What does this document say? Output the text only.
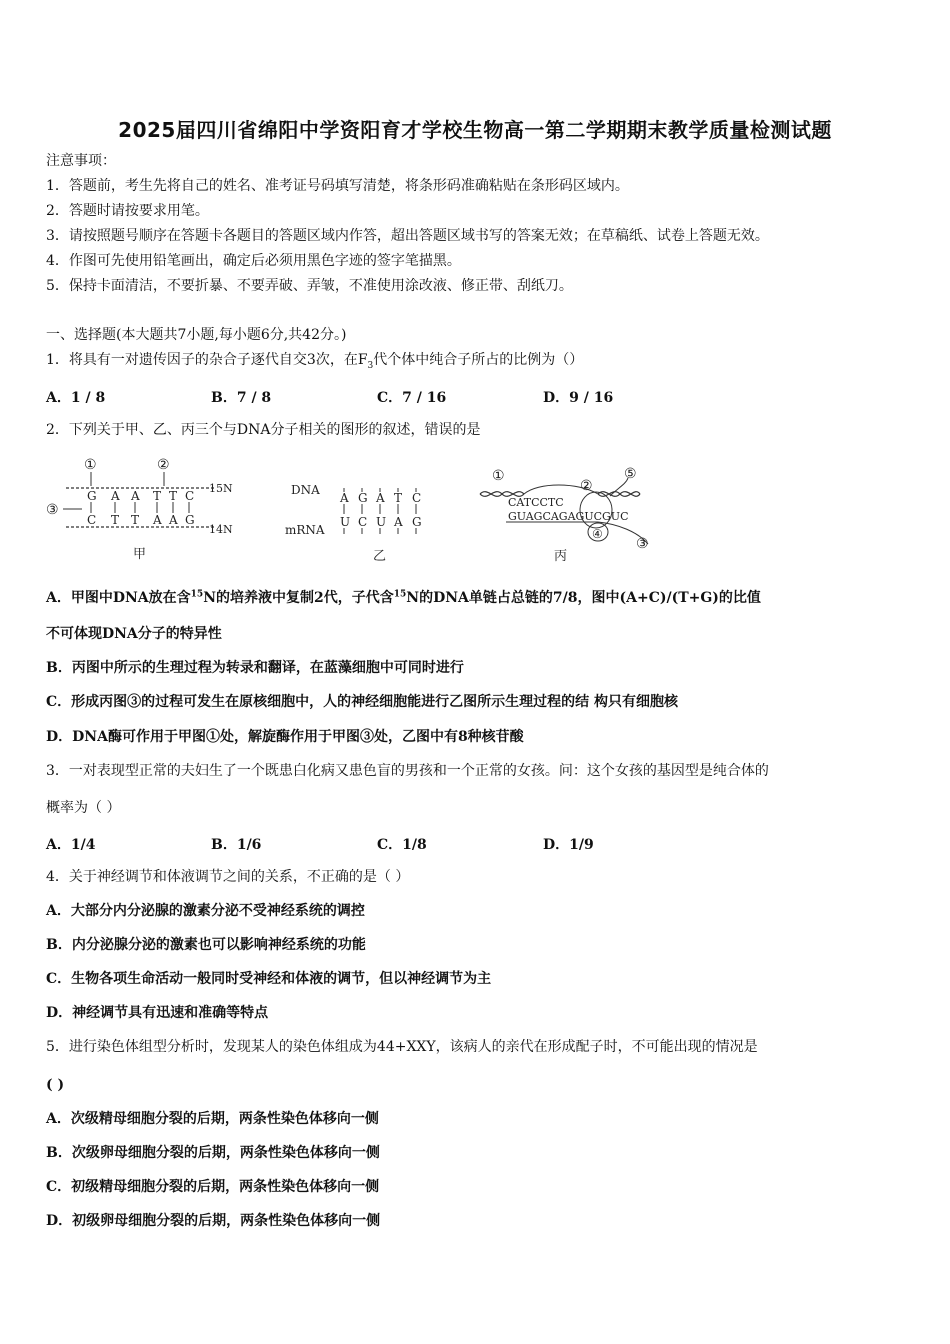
2025届四川省绵阳中学资阳育才学校生物高一第二学期期末教学质量检测试题
注意事项：
1．答题前，考生先将自己的姓名、准考证号码填写清楚，将条形码准确粘贴在条形码区域内。
2．答题时请按要求用笔。
3．请按照题号顺序在答题卡各题目的答题区域内作答，超出答题区域书写的答案无效；在草稿纸、试卷上答题无效。
4．作图可先使用铅笔画出，确定后必须用黑色字迹的签字笔描黑。
5．保持卡面清洁，不要折暴、不要弄破、弄皱，不准使用涂改液、修正带、刮纸刀。
一、选择题(本大题共7小题,每小题6分,共42分。)
1．将具有一对遗传因子的杂合子逐代自交3次，在$F_3$代个体中纯合子所占的比例为（）
A．1 / 8	B．7 / 8	C．7 / 16	D．9 / 16
2．下列关于甲、乙、丙三个与DNA分子相关的图形的叙述，错误的是
G A A T T C
C T T A A G
①	②
③
15N
14N
甲
DNA
mRNA
A G A T C
U C U A G
乙
CATCCTC
GUAGCAGAGUCGUC
①
②
③
④
⑤
丙
A．甲图中DNA放在含$^{15}$N的培养液中复制2代，子代含$^{15}$N的DNA单链占总链的7/8，图中(A+C)/(T+G)的比值
不可体现DNA分子的特异性
B．丙图中所示的生理过程为转录和翻译，在蓝藻细胞中可同时进行
C．形成丙图③的过程可发生在原核细胞中，人的神经细胞能进行乙图所示生理过程的结 构只有细胞核
D．DNA酶可作用于甲图①处，解旋酶作用于甲图③处，乙图中有8种核苷酸
3．一对表现型正常的夫妇生了一个既患白化病又患色盲的男孩和一个正常的女孩。问：这个女孩的基因型是纯合体的
概率为（ ）
A．1/4	B．1/6	C．1/8	D．1/9
4．关于神经调节和体液调节之间的关系，不正确的是（ ）
A．大部分内分泌腺的激素分泌不受神经系统的调控
B．内分泌腺分泌的激素也可以影响神经系统的功能
C．生物各项生命活动一般同时受神经和体液的调节，但以神经调节为主
D．神经调节具有迅速和准确等特点
5．进行染色体组型分析时，发现某人的染色体组成为44+XXY，该病人的亲代在形成配子时，不可能出现的情况是
( )
A．次级精母细胞分裂的后期，两条性染色体移向一侧
B．次级卵母细胞分裂的后期，两条性染色体移向一侧
C．初级精母细胞分裂的后期，两条性染色体移向一侧
D．初级卵母细胞分裂的后期，两条性染色体移向一侧
